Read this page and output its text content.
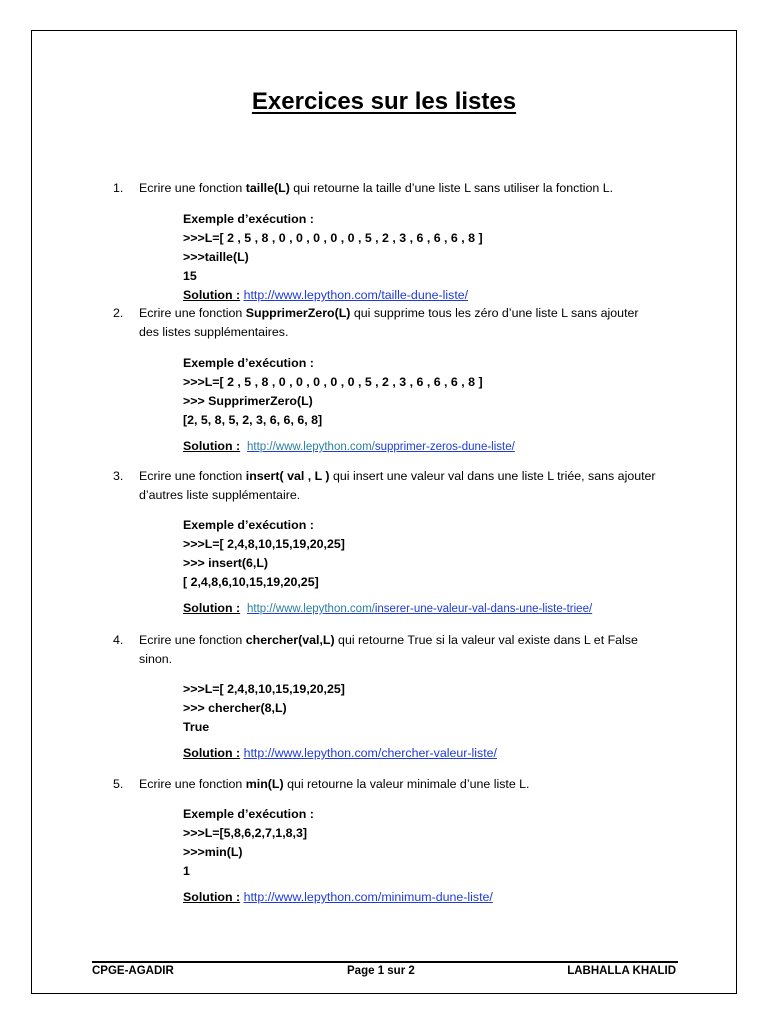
Exercices sur les listes
1. Ecrire une fonction taille(L) qui retourne la taille d’une liste L sans utiliser la fonction L.
Exemple d’exécution :
>>>L=[ 2 , 5 , 8 , 0 , 0 , 0 , 0 , 0 , 5 , 2 , 3 , 6 , 6 , 6 , 8 ]
>>>taille(L)
15
Solution : http://www.lepython.com/taille-dune-liste/
2. Ecrire une fonction SupprimerZero(L) qui supprime tous les zéro d’une liste L sans ajouter
des listes supplémentaires.
Exemple d’exécution :
>>>L=[ 2 , 5 , 8 , 0 , 0 , 0 , 0 , 0 , 5 , 2 , 3 , 6 , 6 , 6 , 8 ]
>>> SupprimerZero(L)
[2, 5, 8, 5, 2, 3, 6, 6, 6, 8]
Solution : http://www.lepython.com/supprimer-zeros-dune-liste/
3. Ecrire une fonction insert( val , L ) qui insert une valeur val dans une liste L triée, sans ajouter
d’autres liste supplémentaire.
Exemple d’exécution :
>>>L=[ 2,4,8,10,15,19,20,25]
>>> insert(6,L)
[ 2,4,8,6,10,15,19,20,25]
Solution : http://www.lepython.com/inserer-une-valeur-val-dans-une-liste-triee/
4. Ecrire une fonction chercher(val,L) qui retourne True si la valeur val existe dans L et False
sinon.
>>>L=[ 2,4,8,10,15,19,20,25]
>>> chercher(8,L)
True
Solution : http://www.lepython.com/chercher-valeur-liste/
5. Ecrire une fonction min(L) qui retourne la valeur minimale d’une liste L.
Exemple d’exécution :
>>>L=[5,8,6,2,7,1,8,3]
>>>min(L)
1
Solution : http://www.lepython.com/minimum-dune-liste/
CPGE-AGADIR	Page 1 sur 2	LABHALLA KHALID
